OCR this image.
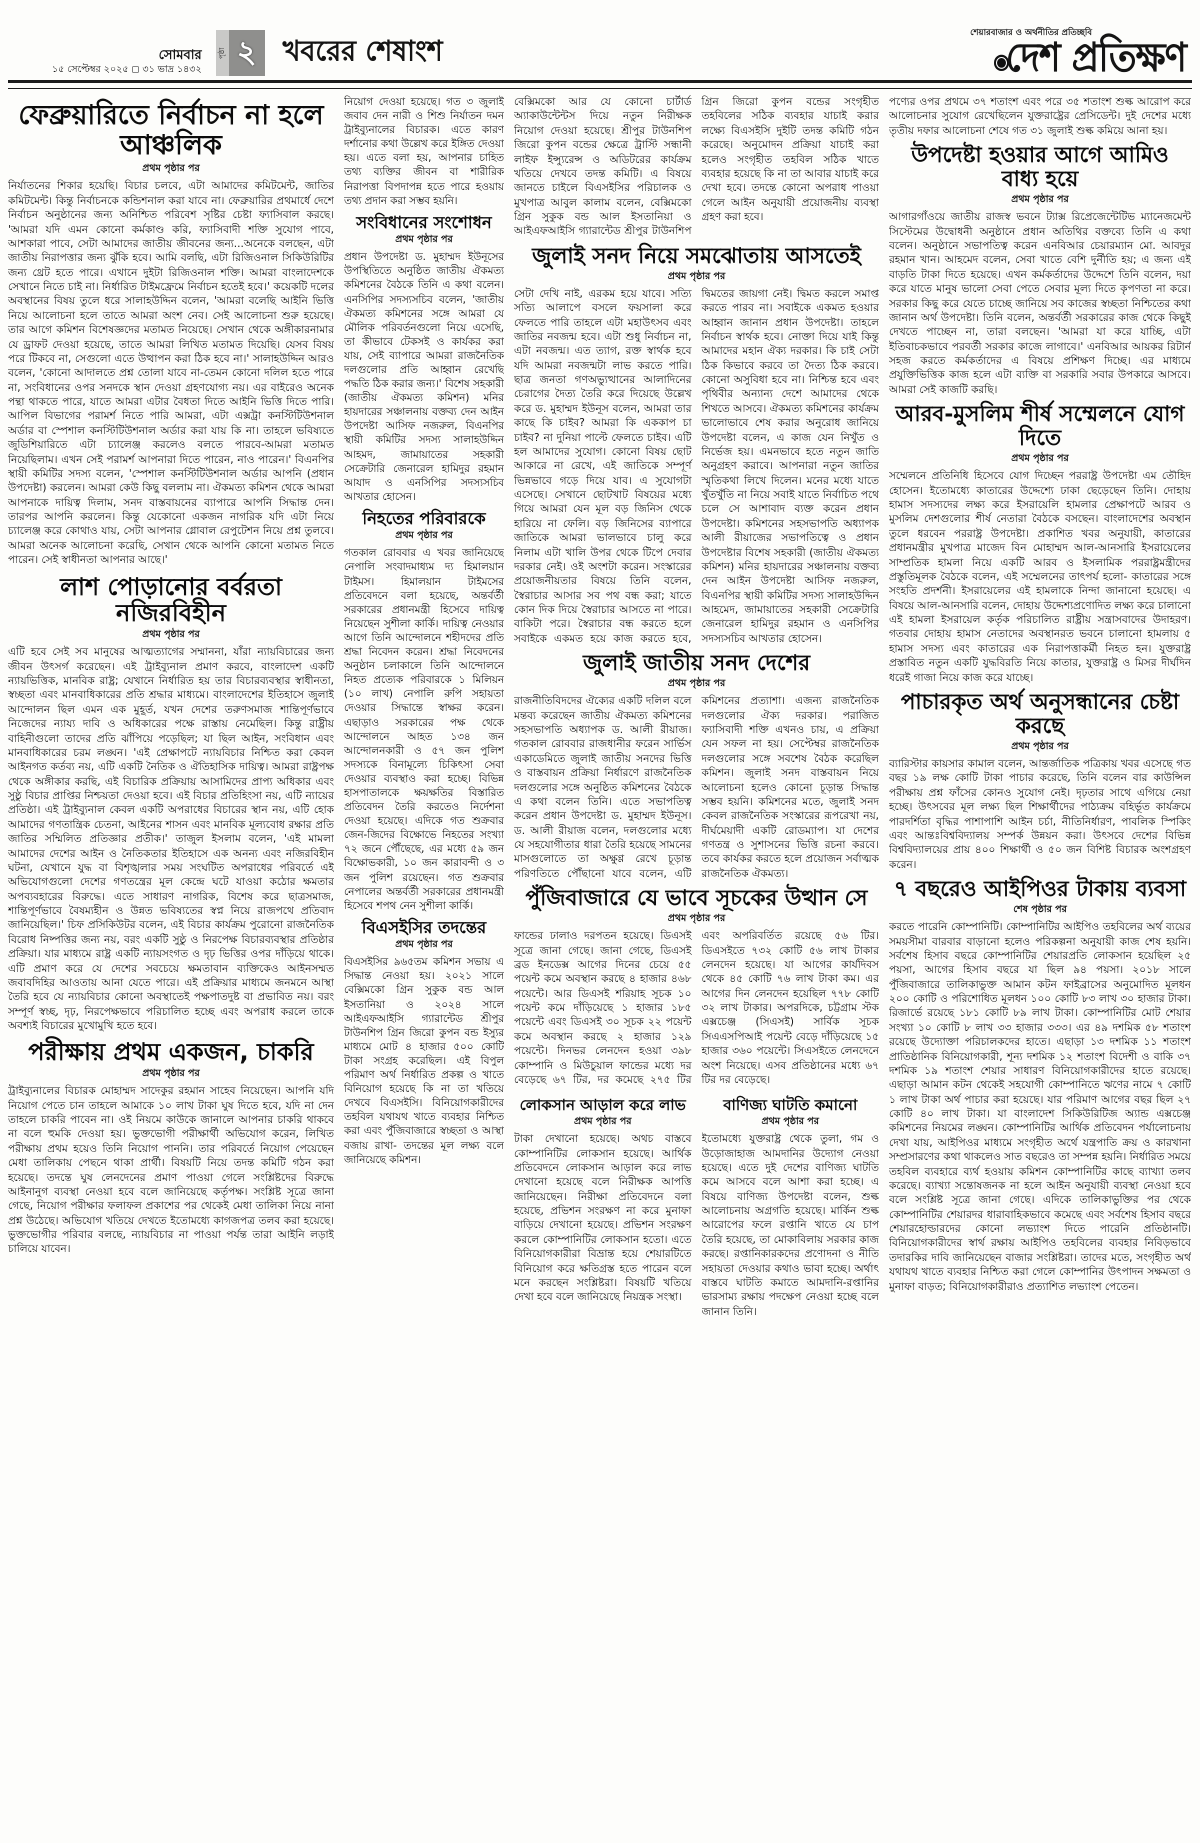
সোমবার
১৫ সেপ্টেম্বর ২০২৫ ◻ ৩১ ভাদ্র ১৪৩২
পৃষ্ঠা ২ খবরের শেষাংশ
শেয়ারবাজার ও অর্থনীতির প্রতিচ্ছবি
দেশ প্রতিক্ষণ
ফেব্রুয়ারিতে নির্বাচন না হলে আঞ্চলিক
প্রথম পৃষ্ঠার পর
নির্যাতনের শিকার হয়েছি। বিচার চলবে, এটা আমাদের কমিটমেন্ট, জাতির কমিটমেন্ট। কিন্তু নির্বাচনকে কন্ডিশনাল করা যাবে না। ফেব্রুয়ারির প্রথমার্ধে দেশে নির্বাচন অনুষ্ঠানের জন্য অনিশ্চিত পরিবেশ সৃষ্টির চেষ্টা ফ্যাসিবাল করছে। 'আমরা যদি এমন কোনো কর্মকাণ্ড করি, ফ্যাসিবাদী শক্তি সুযোগ পাবে, আশকারা পাবে, সেটা আমাদের জাতীয় জীবনের জন্য...অনেকে বলছেন, এটা জাতীয় নিরাপত্তার জন্য ঝুঁকি হবে। আমি বলছি, এটা রিজিওনাল সিকিউরিটির জন্য থ্রেট হতে পারে। এখানে দুইটা রিজিওনাল শক্তি। আমরা বাংলাদেশকে সেখানে নিতে চাই না। নির্ধারিত টাইমফ্রেমে নির্বাচন হতেই হবে।' কয়েকটি দলের অবস্থানের বিষয় তুলে ধরে সালাহউদ্দিন বলেন, 'আমরা বলেছি আইনি ভিত্তি নিয়ে আলোচনা হলে তাতে আমরা অংশ নেব। সেই আলোচনা শুরু হয়েছে। তার আগে কমিশন বিশেষজ্ঞদের মতামত নিয়েছে। সেখান থেকে অঙ্গীকারনামার যে ড্রাফট দেওয়া হয়েছে, তাতে আমরা লিখিত মতামত দিয়েছি। যেসব বিষয় পরে টিকবে না, সেগুলো এতে উত্থাপন করা ঠিক হবে না।' সালাহউদ্দিন আরও বলেন, 'কোনো আদালতে প্রশ্ন তোলা যাবে না-তেমন কোনো দলিল হতে পারে না, সংবিধানের ওপর সনদকে স্থান দেওয়া গ্রহণযোগ্য নয়। এর বাইরেও অনেক পন্থা থাকতে পারে, যাতে আমরা এটার বৈধতা দিতে আইনি ভিত্তি দিতে পারি। আপিল বিভাগের পরামর্শ নিতে পারি আমরা, এটা এক্সট্রা কনস্টিটিউশনাল অর্ডার বা স্পেশাল কনস্টিটিউশনাল অর্ডার করা যায় কি না। তাহলে ভবিষ্যতে জুডিশিয়ারিতে এটা চ্যালেঞ্জ করলেও বলতে পারবে-আমরা মতামত নিয়েছিলাম। এখন সেই পরামর্শ আপনারা দিতে পারেন, নাও পারেন।' বিএনপির স্থায়ী কমিটির সদস্য বলেন, 'স্পেশাল কনস্টিটিউশনাল অর্ডার আপনি (প্রধান উপদেষ্টা) করলেন। আমরা কেউ কিছু বললাম না। ঐকমত্য কমিশন থেকে আমরা আপনাকে দায়িত্ব দিলাম, সনদ বাস্তবায়নের ব্যাপারে আপনি সিদ্ধান্ত দেন। তারপর আপনি করলেন। কিন্তু যেকোনো একজন নাগরিক যদি এটা নিয়ে চ্যালেঞ্জ করে কোথাও যায়, সেটা আপনার গ্লোবাল রেপুটেশন নিয়ে প্রশ্ন তুলবে। আমরা অনেক আলোচনা করেছি, সেখান থেকে আপনি কোনো মতামত নিতে পারেন। সেই স্বাধীনতা আপনার আছে।'
লাশ পোড়ানোর বর্বরতা নজিরবিহীন
প্রথম পৃষ্ঠার পর
এটি হবে সেই সব মানুষের আত্মত্যাগের সম্মাননা, যাঁরা ন্যায়বিচারের জন্য জীবন উৎসর্গ করেছেন। এই ট্রাইব্যুনাল প্রমাণ করবে, বাংলাদেশ একটি ন্যায়ভিত্তিক, মানবিক রাষ্ট্র; যেখানে নির্ধারিত হয় তার বিচারব্যবস্থার স্বাধীনতা, স্বচ্ছতা এবং মানবাধিকারের প্রতি শ্রদ্ধার মাধ্যমে। বাংলাদেশের ইতিহাসে জুলাই আন্দোলন ছিল এমন এক মুহূর্ত, যখন দেশের তরুণসমাজ শান্তিপূর্ণভাবে নিজেদের ন্যায্য দাবি ও অধিকারের পক্ষে রাস্তায় নেমেছিল। কিন্তু রাষ্ট্রীয় বাহিনীগুলো তাদের প্রতি ঝাঁপিয়ে পড়েছিল; যা ছিল আইন, সংবিধান এবং মানবাধিকারের চরম লঙ্ঘন। 'এই প্রেক্ষাপটে ন্যায়বিচার নিশ্চিত করা কেবল আইনগত কর্তব্য নয়, এটি একটি নৈতিক ও ঐতিহাসিক দায়িত্ব। আমরা রাষ্ট্রপক্ষ থেকে অঙ্গীকার করছি, এই বিচারিক প্রক্রিয়ায় আসামিদের প্রাপ্য অধিকার এবং সুষ্ঠু বিচার প্রাপ্তির নিশ্চয়তা দেওয়া হবে। এই বিচার প্রতিহিংসা নয়, এটি ন্যায়ের প্রতিষ্ঠা। এই ট্রাইব্যুনাল কেবল একটি অপরাধের বিচারের স্থান নয়, এটি হোক আমাদের গণতান্ত্রিক চেতনা, আইনের শাসন এবং মানবিক মূল্যবোধ রক্ষার প্রতি জাতির সম্মিলিত প্রতিজ্ঞার প্রতীক।' তাজুল ইসলাম বলেন, 'এই মামলা আমাদের দেশের আইন ও নৈতিকতার ইতিহাসে এক অনন্য এবং নজিরবিহীন ঘটনা, যেখানে যুদ্ধ বা বিশৃঙ্খলার সময় সংঘটিত অপরাধের পরিবর্তে এই অভিযোগগুলো দেশের গণতন্ত্রের মূল কেন্দ্রে ঘটে যাওয়া কঠোর ক্ষমতার অপব্যবহারের বিরুদ্ধে। এতে সাধারণ নাগরিক, বিশেষ করে ছাত্রসমাজ, শান্তিপূর্ণভাবে বৈষম্যহীন ও উন্নত ভবিষ্যতের স্বপ্ন নিয়ে রাজপথে প্রতিবাদ জানিয়েছিল।' চিফ প্রসিকিউটর বলেন, এই বিচার কার্যক্রম পুরোনো রাজনৈতিক বিরোধ নিষ্পত্তির জন্য নয়, বরং একটি সুষ্ঠু ও নিরপেক্ষ বিচারব্যবস্থার প্রতিষ্ঠার প্রক্রিয়া। যার মাধ্যমে রাষ্ট্র একটি ন্যায়সংগত ও দৃঢ় ভিত্তির ওপর দাঁড়িয়ে থাকে। এটি প্রমাণ করে যে দেশের সবচেয়ে ক্ষমতাবান ব্যক্তিকেও আইনসম্মত জবাবদিহির আওতায় আনা যেতে পারে। এই প্রক্রিয়ার মাধ্যমে জনমনে আস্থা তৈরি হবে যে ন্যায়বিচার কোনো অবস্থাতেই পক্ষপাতদুষ্ট বা প্রভাবিত নয়। বরং সম্পূর্ণ স্বচ্ছ, দৃঢ়, নিরপেক্ষভাবে পরিচালিত হচ্ছে এবং অপরাধ করলে তাকে অবশ্যই বিচারের মুখোমুখি হতে হবে।
পরীক্ষায় প্রথম একজন, চাকরি
প্রথম পৃষ্ঠার পর
ট্রাইব্যুনালের বিচারক মোহাম্মদ সাদেকুর রহমান সাহেব নিয়েছেন। আপনি যদি নিয়োগ পেতে চান তাহলে আমাকে ১০ লাখ টাকা ঘুষ দিতে হবে, যদি না দেন তাহলে চাকরি পাবেন না। ওই নিয়মে কাউকে জানালে আপনার চাকরি থাকবে না বলে হুমকি দেওয়া হয়। ভুক্তভোগী পরীক্ষার্থী অভিযোগ করেন, লিখিত পরীক্ষায় প্রথম হয়েও তিনি নিয়োগ পাননি। তার পরিবর্তে নিয়োগ পেয়েছেন মেধা তালিকায় পেছনে থাকা প্রার্থী। বিষয়টি নিয়ে তদন্ত কমিটি গঠন করা হয়েছে। তদন্তে ঘুষ লেনদেনের প্রমাণ পাওয়া গেলে সংশ্লিষ্টদের বিরুদ্ধে আইনানুগ ব্যবস্থা নেওয়া হবে বলে জানিয়েছে কর্তৃপক্ষ। সংশ্লিষ্ট সূত্রে জানা গেছে, নিয়োগ পরীক্ষার ফলাফল প্রকাশের পর থেকেই মেধা তালিকা নিয়ে নানা প্রশ্ন উঠেছে। অভিযোগ খতিয়ে দেখতে ইতোমধ্যে কাগজপত্র তলব করা হয়েছে। ভুক্তভোগীর পরিবার বলছে, ন্যায়বিচার না পাওয়া পর্যন্ত তারা আইনি লড়াই চালিয়ে যাবেন।
নিয়োগ দেওয়া হয়েছে। গত ৩ জুলাই জবাব দেন নারী ও শিশু নির্যাতন দমন ট্রাইব্যুনালের বিচারক। এতে কারণ দর্শানোর কথা উল্লেখ করে ইঙ্গিত দেওয়া হয়। এতে বলা হয়, আপনার চাহিত তথ্য ব্যক্তির জীবন বা শারীরিক নিরাপত্তা বিপদাপন্ন হতে পারে হওয়ায় তথ্য প্রদান করা সম্ভব হয়নি।
সংবিধানের সংশোধন
প্রথম পৃষ্ঠার পর
প্রধান উপদেষ্টা ড. মুহাম্মদ ইউনূসের উপস্থিতিতে অনুষ্ঠিত জাতীয় ঐকমত্য কমিশনের বৈঠকে তিনি এ কথা বলেন। এনসিপির সদস্যসচিব বলেন, 'জাতীয় ঐকমত্য কমিশনের সঙ্গে আমরা যে মৌলিক পরিবর্তনগুলো নিয়ে এসেছি, তা কীভাবে টেকসই ও কার্যকর করা যায়, সেই ব্যাপারে আমরা রাজনৈতিক দলগুলোর প্রতি আহ্বান রেখেছি পদ্ধতি ঠিক করার জন্য।' বিশেষ সহকারী (জাতীয় ঐকমত্য কমিশন) মনির হায়দারের সঞ্চালনায় বক্তব্য দেন আইন উপদেষ্টা আসিফ নজরুল, বিএনপির স্থায়ী কমিটির সদস্য সালাহউদ্দিন আহমদ, জামায়াতের সহকারী সেক্রেটারি জেনারেল হামিদুর রহমান আযাদ ও এনসিপির সদস্যসচিব আখতার হোসেন।
নিহতের পরিবারকে
প্রথম পৃষ্ঠার পর
গতকাল রোববার এ খবর জানিয়েছে নেপালি সংবাদমাধ্যম দ্য হিমালয়ান টাইমস। হিমালয়ান টাইমসের প্রতিবেদনে বলা হয়েছে, অন্তর্বর্তী সরকারের প্রধানমন্ত্রী হিসেবে দায়িত্ব নিয়েছেন সুশীলা কার্কি। দায়িত্ব নেওয়ার আগে তিনি আন্দোলনে শহীদদের প্রতি শ্রদ্ধা নিবেদন করেন। শ্রদ্ধা নিবেদনের অনুষ্ঠান চলাকালে তিনি আন্দোলনে নিহত প্রত্যেক পরিবারকে ১ মিলিয়ন (১০ লাখ) নেপালি রুপি সহায়তা দেওয়ার সিদ্ধান্তে স্বাক্ষর করেন। এছাড়াও সরকারের পক্ষ থেকে আন্দোলনে আহত ১৩৪ জন আন্দোলনকারী ও ৫৭ জন পুলিশ সদস্যকে বিনামূল্যে চিকিৎসা সেবা দেওয়ার ব্যবস্থাও করা হচ্ছে। বিভিন্ন হাসপাতালকে ক্ষয়ক্ষতির বিস্তারিত প্রতিবেদন তৈরি করতেও নির্দেশনা দেওয়া হয়েছে। এদিকে গত শুক্রবার জেন-জিদের বিক্ষোভে নিহতের সংখ্যা ৭২ জনে পৌঁছেছে, এর মধ্যে ৫৯ জন বিক্ষোভকারী, ১০ জন কারাবন্দী ও ৩ জন পুলিশ রয়েছেন। গত শুক্রবার নেপালের অন্তর্বর্তী সরকারের প্রধানমন্ত্রী হিসেবে শপথ নেন সুশীলা কার্কি।
বিএসইসির তদন্তের
প্রথম পৃষ্ঠার পর
বিএসইসির ৯৬৫তম কমিশন সভায় এ সিদ্ধান্ত নেওয়া হয়। ২০২১ সালে বেক্সিমকো গ্রিন সুকুক বন্ড আল ইসতানিয়া ও ২০২৪ সালে আইএফআইসি গ্যারান্টেড শ্রীপুর টাউনশিপ গ্রিন জিরো কুপন বন্ড ইস্যুর মাধ্যমে মোট ৪ হাজার ৫০০ কোটি টাকা সংগ্রহ করেছিল। এই বিপুল পরিমাণ অর্থ নির্ধারিত প্রকল্প ও খাতে বিনিয়োগ হয়েছে কি না তা খতিয়ে দেখবে বিএসইসি। বিনিয়োগকারীদের তহবিল যথাযথ খাতে ব্যবহার নিশ্চিত করা এবং পুঁজিবাজারে স্বচ্ছতা ও আস্থা বজায় রাখা- তদন্তের মূল লক্ষ্য বলে জানিয়েছে কমিশন।
বেক্সিমকো আর যে কোনো চার্টার্ড অ্যাকাউন্টেন্টস দিয়ে নতুন নিরীক্ষক নিয়োগ দেওয়া হয়েছে। শ্রীপুর টাউনশিপ জিরো কুপন বন্ডের ক্ষেত্রে ট্রাস্টি সন্ধানী লাইফ ইন্স্যুরেন্স ও অডিটরের কার্যক্রম খতিয়ে দেখবে তদন্ত কমিটি। এ বিষয়ে জানতে চাইলে বিএসইসির পরিচালক ও মুখপাত্র আবুল কালাম বলেন, বেক্সিমকো গ্রিন সুকুক বন্ড আল ইসতানিয়া ও আইএফআইসি গ্যারান্টেড শ্রীপুর টাউনশিপ গ্রিন জিরো কুপন বন্ডের সংগৃহীত তহবিলের সঠিক ব্যবহার যাচাই করার লক্ষ্যে বিএসইসি দুইটি তদন্ত কমিটি গঠন করেছে। অনুমোদন প্রক্রিয়া যাচাই করা হলেও সংগৃহীত তহবিল সঠিক খাতে ব্যবহার হয়েছে কি না তা আবার যাচাই করে দেখা হবে। তদন্তে কোনো অপরাধ পাওয়া গেলে আইন অনুযায়ী প্রয়োজনীয় ব্যবস্থা গ্রহণ করা হবে।
জুলাই সনদ নিয়ে সমঝোতায় আসতেই
প্রথম পৃষ্ঠার পর
সেটা দেখি নাই, এরকম হয়ে যাবে। সত্যি সত্যি আলাপে বসলে ফয়সালা করে ফেলতে পারি তাহলে এটা মহাউৎসব এবং জাতির নবজন্ম হবে। এটা শুধু নির্বাচন না, এটা নবজন্ম। এত ত্যাগ, রক্ত স্বার্থক হবে যদি আমরা নবজন্মটা লাভ করতে পারি। ছাত্র জনতা গণঅভ্যুত্থানের আলাদিনের চেরাগের দৈত্য তৈরি করে দিয়েছে উল্লেখ করে ড. মুহাম্মদ ইউনূস বলেন, আমরা তার কাছে কি চাইব? আমরা কি এককাপ চা চাইব? না দুনিয়া পাল্টে ফেলতে চাইব। এটি হল আমাদের সুযোগ। কোনো বিষয় ছোট আকারে না রেখে, এই জাতিকে সম্পূর্ণ ভিন্নভাবে গড়ে দিয়ে যাব। এ সুযোগটা এসেছে। সেখানে ছোটখাট বিষয়ের মধ্যে গিয়ে আমরা যেন মূল বড় জিনিস থেকে হারিয়ে না ফেলি। বড় জিনিসের ব্যাপারে জাতিকে আমরা ভালভাবে চালু করে নিলাম এটা খালি উপর থেকে টিপে দেবার দরকার নেই। ওই অংশটা করেন। সংস্কারের প্রয়োজনীয়তার বিষয়ে তিনি বলেন, স্বৈরাচার আসার সব পথ বন্ধ করা; যাতে কোন দিক দিয়ে স্বৈরাচার আসতে না পারে। বাকিটা পরে। স্বৈরাচার বন্ধ করতে হলে সবাইকে একমত হয়ে কাজ করতে হবে, দ্বিমতের জায়গা নেই। দ্বিমত করলে সমাপ্ত করতে পারব না। সবাইকে একমত হওয়ার আহ্বান জানান প্রধান উপদেষ্টা। তাহলে নির্বাচন স্বার্থক হবে। নোক্তা দিয়ে যাই কিন্তু আমাদের মহান ঐক্য দরকার। কি চাই সেটা ঠিক কিভাবে করবে তা দৈত্য ঠিক করবে। কোনো অসুবিধা হবে না। নিশ্চিন্ত হবে এবং পৃথিবীর অন্যান্য দেশে আমাদের থেকে শিখতে আসবে। ঐকমত্য কমিশনের কার্যক্রম ভালোভাবে শেষ করার অনুরোধ জানিয়ে উপদেষ্টা বলেন, এ কাজ যেন নিখুঁত ও নির্ভেজ হয়। এমনভাবে হতে নতুন জাতি অনুগ্রহণ করাবে। আপনারা নতুন জাতির স্মৃতিকথা লিখে দিলেন। মনের মধ্যে যাতে খুঁতখুঁতি না নিয়ে সবাই যাতে নির্বাচিত পথে চলে সে আশাবাদ ব্যক্ত করেন প্রধান উপদেষ্টা। কমিশনের সহসভাপতি অধ্যাপক আলী রীয়াজের সভাপতিত্বে ও প্রধান উপদেষ্টার বিশেষ সহকারী (জাতীয় ঐকমত্য কমিশন) মনির হায়দারের সঞ্চালনায় বক্তব্য দেন আইন উপদেষ্টা আসিফ নজরুল, বিএনপির স্থায়ী কমিটির সদস্য সালাহউদ্দিন আহমেদ, জামায়াতের সহকারী সেক্রেটারি জেনারেল হামিদুর রহমান ও এনসিপির সদস্যসচিব আখতার হোসেন।
জুলাই জাতীয় সনদ দেশের
প্রথম পৃষ্ঠার পর
রাজনীতিবিদদের ঐক্যের একটি দলিল বলে মন্তব্য করেছেন জাতীয় ঐকমত্য কমিশনের সহসভাপতি অধ্যাপক ড. আলী রীয়াজ। গতকাল রোববার রাজধানীর ফরেন সার্ভিস একাডেমিতে জুলাই জাতীয় সনদের ভিত্তি ও বাস্তবায়ন প্রক্রিয়া নির্ধারণে রাজনৈতিক দলগুলোর সঙ্গে অনুষ্ঠিত কমিশনের বৈঠকে এ কথা বলেন তিনি। এতে সভাপতিত্ব করেন প্রধান উপদেষ্টা ড. মুহাম্মদ ইউনূস। ড. আলী রীয়াজ বলেন, দলগুলোর মধ্যে যে সহযোগীতার ধারা তৈরি হয়েছে সামনের মাসগুলোতে তা অক্ষুণ্ণ রেখে চূড়ান্ত পরিণতিতে পৌঁছানো যাবে বলেন, এটি কমিশনের প্রত্যাশা। এজন্য রাজনৈতিক দলগুলোর ঐক্য দরকার। পরাজিত ফ্যাসিবাদী শক্তি এখনও চায়, এ প্রক্রিয়া যেন সফল না হয়। সেপ্টেম্বর রাজনৈতিক দলগুলোর সঙ্গে সবশেষ বৈঠক করেছিল কমিশন। জুলাই সনদ বাস্তবায়ন নিয়ে আলোচনা হলেও কোনো চূড়ান্ত সিদ্ধান্ত সম্ভব হয়নি। কমিশনের মতে, জুলাই সনদ কেবল রাজনৈতিক সংস্কারের রূপরেখা নয়, দীর্ঘমেয়াদী একটি রোডম্যাপ। যা দেশের গণতন্ত্র ও সুশাসনের ভিত্তি রচনা করবে। তবে কার্যকর করতে হলে প্রয়োজন সর্বাত্মক রাজনৈতিক ঐকমত্য।
পুঁজিবাজারে যে ভাবে সূচকের উত্থান সে
প্রথম পৃষ্ঠার পর
ফান্ডের ঢালাও দরপতন হয়েছে। ডিএসই সূত্রে জানা গেছে। জানা গেছে, ডিএসই ব্রড ইনডেক্স আগের দিনের চেয়ে ৫৫ পয়েন্ট কমে অবস্থান করছে ৪ হাজার ৪৬৮ পয়েন্টে। আর ডিএসই শরিয়াহ সূচক ১০ পয়েন্ট কমে দাঁড়িয়েছে ১ হাজার ১৮৫ পয়েন্টে এবং ডিএসই ৩০ সূচক ২২ পয়েন্ট কমে অবস্থান করছে ২ হাজার ১২৯ পয়েন্টে। দিনভর লেনদেন হওয়া ৩৯৮ কোম্পানি ও মিউচুয়াল ফান্ডের মধ্যে দর বেড়েছে ৬৭ টির, দর কমেছে ২৭৫ টির এবং অপরিবর্তিত রয়েছে ৫৬ টির। ডিএসইতে ৭৩২ কোটি ৫৬ লাখ টাকার লেনদেন হয়েছে। যা আগের কার্যদিবস থেকে ৪৫ কোটি ৭৬ লাখ টাকা কম। এর আগের দিন লেনদেন হয়েছিল ৭৭৮ কোটি ৩২ লাখ টাকার। অপরদিকে, চট্টগ্রাম স্টক এক্সচেঞ্জ (সিএসই) সার্বিক সূচক সিএএসপিআই পয়েন্ট বেড়ে দাঁড়িয়েছে ১৫ হাজার ৩৬০ পয়েন্টে। সিএসইতে লেনদেনে অংশ নিয়েছে। এসব প্রতিষ্ঠানের মধ্যে ৬৭ টির দর বেড়েছে।
লোকসান আড়াল করে লাভ
প্রথম পৃষ্ঠার পর
টাকা দেখানো হয়েছে। অথচ বাস্তবে কোম্পানিটির লোকসান হয়েছে। আর্থিক প্রতিবেদনে লোকসান আড়াল করে লাভ দেখানো হয়েছে বলে নিরীক্ষক আপত্তি জানিয়েছেন। নিরীক্ষা প্রতিবেদনে বলা হয়েছে, প্রভিশন সংরক্ষণ না করে মুনাফা বাড়িয়ে দেখানো হয়েছে। প্রভিশন সংরক্ষণ করলে কোম্পানিটির লোকসান হতো। এতে বিনিয়োগকারীরা বিভ্রান্ত হয়ে শেয়ারটিতে বিনিয়োগ করে ক্ষতিগ্রস্ত হতে পারেন বলে মনে করছেন সংশ্লিষ্টরা। বিষয়টি খতিয়ে দেখা হবে বলে জানিয়েছে নিয়ন্ত্রক সংস্থা।
বাণিজ্য ঘাটতি কমানো
প্রথম পৃষ্ঠার পর
ইতোমধ্যে যুক্তরাষ্ট্র থেকে তুলা, গম ও উড়োজাহাজ আমদানির উদ্যোগ নেওয়া হয়েছে। এতে দুই দেশের বাণিজ্য ঘাটতি কমে আসবে বলে আশা করা হচ্ছে। এ বিষয়ে বাণিজ্য উপদেষ্টা বলেন, শুল্ক আলোচনায় অগ্রগতি হয়েছে। মার্কিন শুল্ক আরোপের ফলে রপ্তানি খাতে যে চাপ তৈরি হয়েছে, তা মোকাবিলায় সরকার কাজ করছে। রপ্তানিকারকদের প্রণোদনা ও নীতি সহায়তা দেওয়ার কথাও ভাবা হচ্ছে। অর্থাৎ বাস্তবে ঘাটতি কমাতে আমদানি-রপ্তানির ভারসাম্য রক্ষায় পদক্ষেপ নেওয়া হচ্ছে বলে জানান তিনি।
পণ্যের ওপর প্রথমে ৩৭ শতাংশ এবং পরে ৩৫ শতাংশ শুল্ক আরোপ করে আলোচনার সুযোগ রেখেছিলেন যুক্তরাষ্ট্রের প্রেসিডেন্ট। দুই দেশের মধ্যে তৃতীয় দফার আলোচনা শেষে গত ৩১ জুলাই শুল্ক কমিয়ে আনা হয়।
উপদেষ্টা হওয়ার আগে আমিও বাধ্য হয়ে
প্রথম পৃষ্ঠার পর
আগারগাঁওয়ে জাতীয় রাজস্ব ভবনে ট্যাক্স রিপ্রেজেন্টেটিভ ম্যানেজমেন্ট সিস্টেমের উদ্বোধনী অনুষ্ঠানে প্রধান অতিথির বক্তব্যে তিনি এ কথা বলেন। অনুষ্ঠানে সভাপতিত্ব করেন এনবিআর চেয়ারম্যান মো. আবদুর রহমান খান। আহমেদ বলেন, সেবা খাতে বেশি দুর্নীতি হয়; এ জন্য এই বাড়তি টাকা দিতে হয়েছে। এখন কর্মকর্তাদের উদ্দেশে তিনি বলেন, দয়া করে যাতে মানুষ ভালো সেবা পেতে সেবার মূল্য দিতে কৃপণতা না করে। সরকার কিছু করে যেতে চাচ্ছে জানিয়ে সব কাজের স্বচ্ছতা নিশ্চিতের কথা জানান অর্থ উপদেষ্টা। তিনি বলেন, অন্তর্বর্তী সরকারের কাজ থেকে কিছুই দেখতে পাচ্ছেন না, তারা বলছেন। 'আমরা যা করে যাচ্ছি, এটা ইতিবাচকভাবে পরবর্তী সরকার কাজে লাগাবে।' এনবিআর আয়কর রিটার্ন সহজ করতে কর্মকর্তাদের এ বিষয়ে প্রশিক্ষণ দিচ্ছে। এর মাধ্যমে প্রযুক্তিভিত্তিক কাজ হলে এটা ব্যক্তি বা সরকারি সবার উপকারে আসবে। আমরা সেই কাজটি করছি।
আরব-মুসলিম শীর্ষ সম্মেলনে যোগ দিতে
প্রথম পৃষ্ঠার পর
সম্মেলনে প্রতিনিধি হিসেবে যোগ দিচ্ছেন পররাষ্ট্র উপদেষ্টা এম তৌহিদ হোসেন। ইতোমধ্যে কাতারের উদ্দেশ্যে ঢাকা ছেড়েছেন তিনি। দোহায় হামাস সদস্যদের লক্ষ্য করে ইসরায়েলি হামলার প্রেক্ষাপটে আরব ও মুসলিম দেশগুলোর শীর্ষ নেতারা বৈঠকে বসছেন। বাংলাদেশের অবস্থান তুলে ধরবেন পররাষ্ট্র উপদেষ্টা। প্রকাশিত খবর অনুযায়ী, কাতারের প্রধানমন্ত্রীর মুখপাত্র মাজেদ বিন মোহাম্মদ আল-আনসারি ইসরায়েলের সাম্প্রতিক হামলা নিয়ে একটি আরব ও ইসলামিক পররাষ্ট্রমন্ত্রীদের প্রস্তুতিমূলক বৈঠকে বলেন, এই সম্মেলনের তাৎপর্য হলো- কাতারের সঙ্গে সংহতি প্রদর্শনী। ইসরায়েলের এই হামলাকে নিন্দা জানানো হয়েছে। এ বিষয়ে আল-আনসারি বলেন, দোহায় উদ্দেশ্যপ্রণোদিত লক্ষ্য করে চালানো এই হামলা ইসরায়েল কর্তৃক পরিচালিত রাষ্ট্রীয় সন্ত্রাসবাদের উদাহরণ। গতবার দোহায় হামাস নেতাদের অবস্থানরত ভবনে চালানো হামলায় ৫ হামাস সদস্য এবং কাতারের এক নিরাপত্তাকর্মী নিহত হন। যুক্তরাষ্ট্র প্রস্তাবিত নতুন একটি যুদ্ধবিরতি নিয়ে কাতার, যুক্তরাষ্ট্র ও মিসর দীর্ঘদিন ধরেই গাজা নিয়ে কাজ করে যাচ্ছে।
পাচারকৃত অর্থ অনুসন্ধানের চেষ্টা করছে
প্রথম পৃষ্ঠার পর
ব্যারিস্টার কায়সার কামাল বলেন, আন্তর্জাতিক পত্রিকায় খবর এসেছে গত বছর ১৯ লক্ষ কোটি টাকা পাচার করেছে, তিনি বলেন বার কাউন্সিল পরীক্ষায় প্রশ্ন ফাঁসের কোনও সুযোগ নেই। দৃঢ়তার সাথে এগিয়ে নেয়া হচ্ছে। উৎসবের মূল লক্ষ্য ছিল শিক্ষার্থীদের পাঠ্যক্রম বহির্ভূত কার্যক্রমে পারদর্শিতা বৃদ্ধির পাশাপাশি আইন চর্চা, নীতিনির্ধারণ, পাবলিক স্পিকিং এবং আন্তঃবিশ্ববিদ্যালয় সম্পর্ক উন্নয়ন করা। উৎসবে দেশের বিভিন্ন বিশ্ববিদ্যালয়ের প্রায় ৪০০ শিক্ষার্থী ও ৫০ জন বিশিষ্ট বিচারক অংশগ্রহণ করেন।
৭ বছরেও আইপিওর টাকায় ব্যবসা
শেষ পৃষ্ঠার পর
করতে পারেনি কোম্পানিটি। কোম্পানিটির আইপিও তহবিলের অর্থ ব্যয়ের সময়সীমা বারবার বাড়ানো হলেও পরিকল্পনা অনুযায়ী কাজ শেষ হয়নি। সর্বশেষ হিসাব বছরে কোম্পানিটির শেয়ারপ্রতি লোকসান হয়েছিল ২৫ পয়সা, আগের হিসাব বছরে যা ছিল ৯৪ পয়সা। ২০১৮ সালে পুঁজিবাজারে তালিকাভুক্ত আমান কটন ফাইব্রাসের অনুমোদিত মূলধন ২০০ কোটি ও পরিশোধিত মূলধন ১০০ কোটি ৮৩ লাখ ৩০ হাজার টাকা। রিজার্ভে রয়েছে ১৮১ কোটি ৮৯ লাখ টাকা। কোম্পানিটির মোট শেয়ার সংখ্যা ১০ কোটি ৮ লাখ ৩৩ হাজার ৩৩৩। এর ৪৯ দশমিক ৫৮ শতাংশ রয়েছে উদ্যোক্তা পরিচালকদের হাতে। এছাড়া ১৩ দশমিক ১১ শতাংশ প্রাতিষ্ঠানিক বিনিয়োগকারী, শূন্য দশমিক ১২ শতাংশ বিদেশী ও বাকি ৩৭ দশমিক ১৯ শতাংশ শেয়ার সাধারণ বিনিয়োগকারীদের হাতে রয়েছে। এছাড়া আমান কটন থেকেই সহযোগী কোম্পানিতে ঋণের নামে ৭ কোটি ১ লাখ টাকা অর্থ পাচার করা হয়েছে। যার পরিমাণ আগের বছর ছিল ২৭ কোটি ৪০ লাখ টাকা। যা বাংলাদেশ সিকিউরিটিজ অ্যান্ড এক্সচেঞ্জ কমিশনের নিয়মের লঙ্ঘন। কোম্পানিটির আর্থিক প্রতিবেদন পর্যালোচনায় দেখা যায়, আইপিওর মাধ্যমে সংগৃহীত অর্থে যন্ত্রপাতি ক্রয় ও কারখানা সম্প্রসারণের কথা থাকলেও সাত বছরেও তা সম্পন্ন হয়নি। নির্ধারিত সময়ে তহবিল ব্যবহারে ব্যর্থ হওয়ায় কমিশন কোম্পানিটির কাছে ব্যাখ্যা তলব করেছে। ব্যাখ্যা সন্তোষজনক না হলে আইন অনুযায়ী ব্যবস্থা নেওয়া হবে বলে সংশ্লিষ্ট সূত্রে জানা গেছে। এদিকে তালিকাভুক্তির পর থেকে কোম্পানিটির শেয়ারদর ধারাবাহিকভাবে কমেছে এবং সর্বশেষ হিসাব বছরে শেয়ারহোল্ডারদের কোনো লভ্যাংশ দিতে পারেনি প্রতিষ্ঠানটি। বিনিয়োগকারীদের স্বার্থ রক্ষায় আইপিও তহবিলের ব্যবহার নিবিড়ভাবে তদারকির দাবি জানিয়েছেন বাজার সংশ্লিষ্টরা। তাদের মতে, সংগৃহীত অর্থ যথাযথ খাতে ব্যবহার নিশ্চিত করা গেলে কোম্পানির উৎপাদন সক্ষমতা ও মুনাফা বাড়ত; বিনিয়োগকারীরাও প্রত্যাশিত লভ্যাংশ পেতেন।
